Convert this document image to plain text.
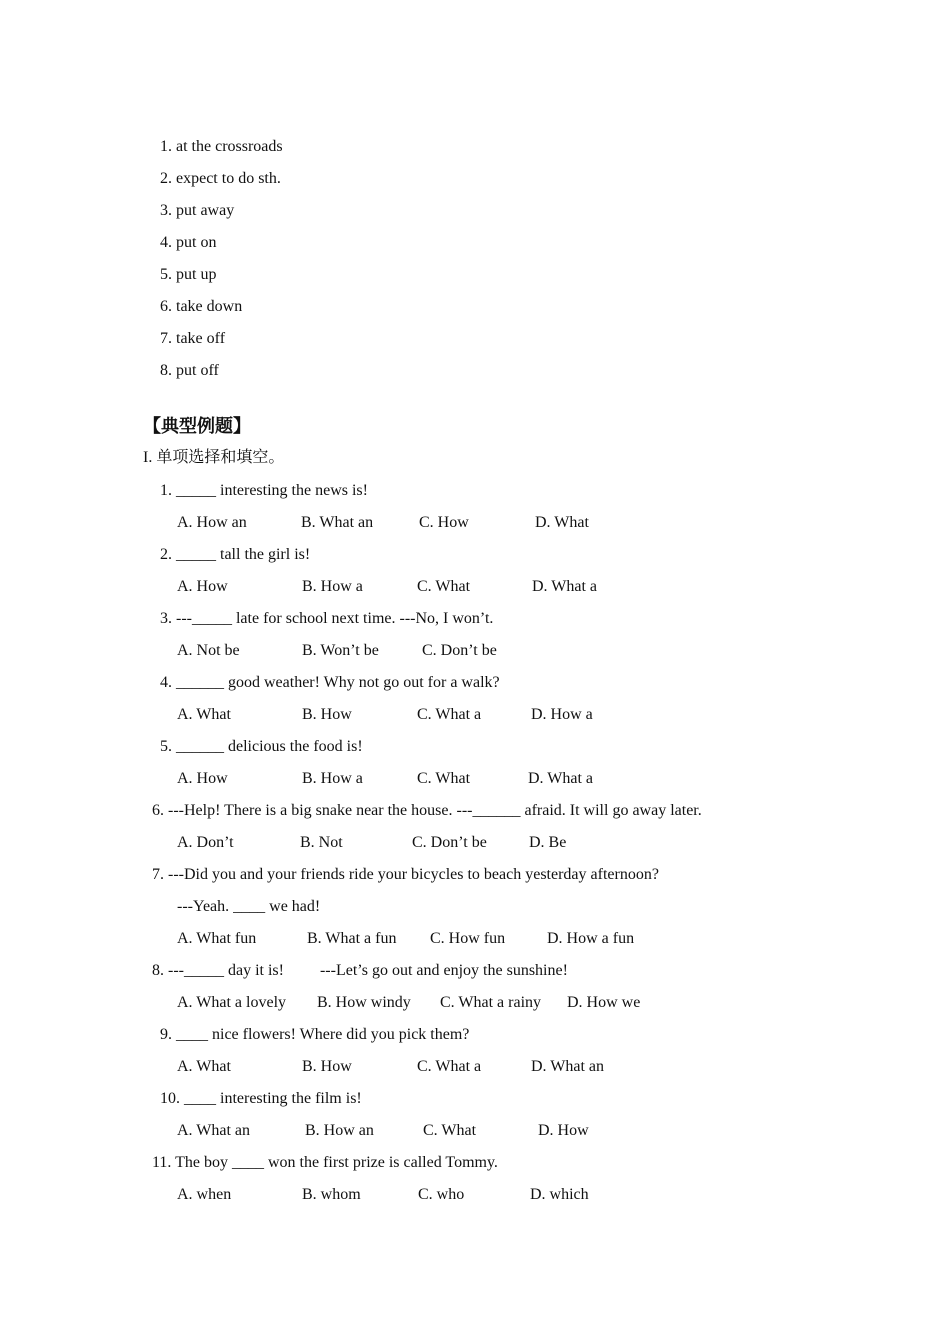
1. at the crossroads
2. expect to do sth.
3. put away
4. put on
5. put up
6. take down
7. take off
8. put off
【典型例题】
I. 单项选择和填空。
1. _____ interesting the news is!
A. How an	B. What an	C. How	D. What
2. _____ tall the girl is!
A. How	B. How a	C. What	D. What a
3. ---_____ late for school next time. ---No, I won’t.
A. Not be	B. Won’t be	C. Don’t be
4. ______ good weather! Why not go out for a walk?
A. What	B. How	C. What a	D. How a
5. ______ delicious the food is!
A. How	B. How a	C. What	D. What a
6. ---Help! There is a big snake near the house. ---______ afraid. It will go away later.
A. Don’t	B. Not	C. Don’t be	D. Be
7. ---Did you and your friends ride your bicycles to beach yesterday afternoon?
---Yeah. ____ we had!
A. What fun	B. What a fun C. How fun	D. How a fun
8. ---_____ day it is!         ---Let’s go out and enjoy the sunshine!
A. What a lovely B. How windy C. What a rainy D. How we
9. ____ nice flowers! Where did you pick them?
A. What	B. How	C. What a	D. What an
10. ____ interesting the film is!
A. What an	B. How an	C. What	D. How
11. The boy ____ won the first prize is called Tommy.
A. when	B. whom	C. who	D. which
